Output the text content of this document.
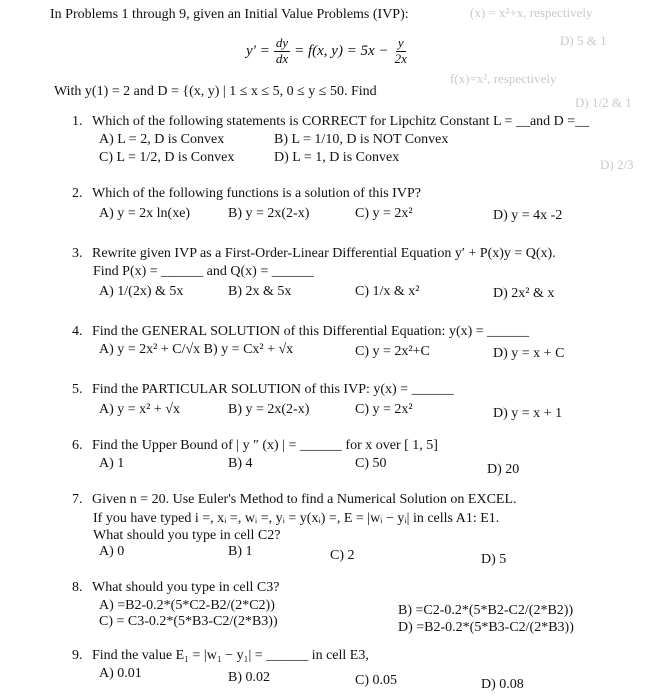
(x) = x²+x, respectively
D) 5 & 1
f(x)=x², respectively
D) 1/2 & 1
D) 2/3
In Problems 1 through 9, given an Initial Value Problems (IVP):
$y' = \frac{dy}{dx} = f(x$, $y) = 5x - \frac{y}{2x}$
With y(1) = 2 and D = {(x, y) | 1 ≤ x ≤ 5, 0 ≤ y ≤ 50. Find
1. Which of the following statements is CORRECT for Lipchitz Constant L = __and D =__
A) L = 2, D is Convex	B) L = 1/10, D is NOT Convex
C) L = 1/2, D is Convex	D) L = 1, D is Convex
2. Which of the following functions is a solution of this IVP?
A) y = 2x ln(xe)	B) y = 2x(2-x)	C) y = 2x²	D) y = 4x -2
3. Rewrite given IVP as a First-Order-Linear Differential Equation y′ + P(x)y = Q(x).
Find P(x) = ______ and Q(x) = ______
A) 1/(2x) & 5x	B) 2x & 5x	C) 1/x & x²	D) 2x² & x
4. Find the GENERAL SOLUTION of this Differential Equation: y(x) = ______
A) y = 2x² + C/√x B) y = Cx² + √x	C) y = 2x²+C	D) y = x + C
5. Find the PARTICULAR SOLUTION of this IVP: y(x) = ______
A) y = x² + √x	B) y = 2x(2-x)	C) y = 2x²	D) y = x + 1
6. Find the Upper Bound of | y ″ (x) | = ______ for x over [ 1, 5]
A) 1	B) 4	C) 50	D) 20
7. Given n = 20. Use Euler's Method to find a Numerical Solution on EXCEL.
If you have typed i =, xᵢ =, wᵢ =, yᵢ = y(xᵢ) =, E = |wᵢ − yᵢ| in cells A1: E1.
What should you type in cell C2?
A) 0	B) 1	C) 2	D) 5
8. What should you type in cell C3?
A) =B2-0.2*(5*C2-B2/(2*C2))	B) =C2-0.2*(5*B2-C2/(2*B2))
C) = C3-0.2*(5*B3-C2/(2*B3))	D) =B2-0.2*(5*B3-C2/(2*B3))
9. Find the value E₁ = |w₁ − y₁| = ______ in cell E3,
A) 0.01	B) 0.02	C) 0.05	D) 0.08
